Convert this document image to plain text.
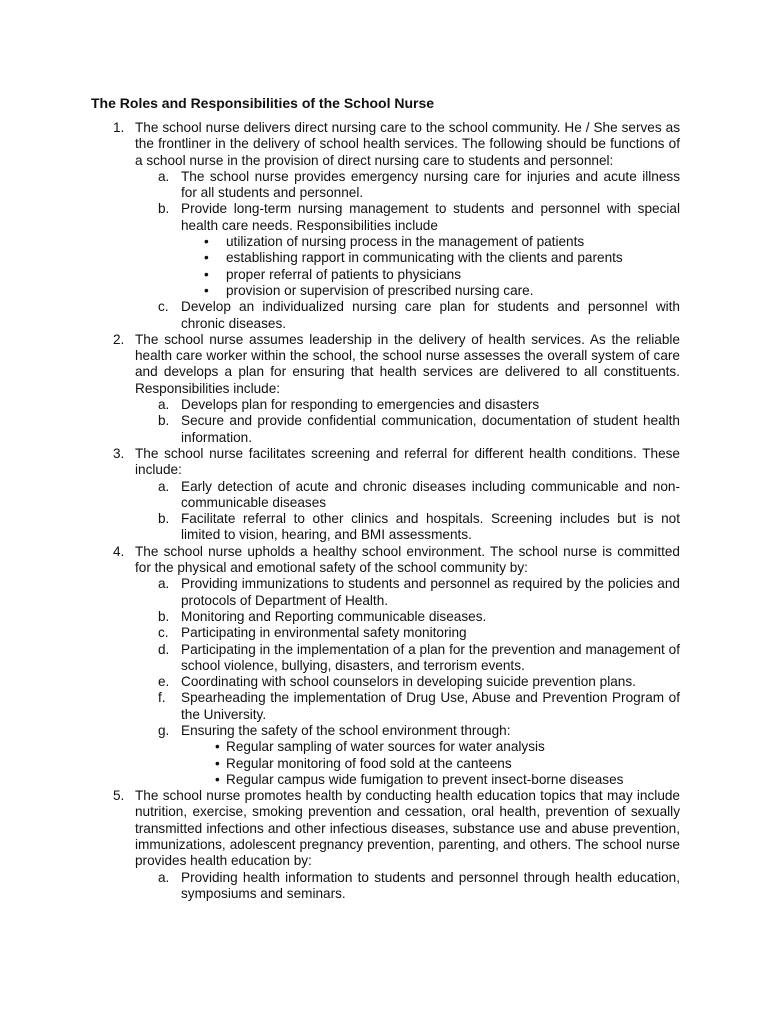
The Roles and Responsibilities of the School Nurse
1. The school nurse delivers direct nursing care to the school community. He / She serves as the frontliner in the delivery of school health services. The following should be functions of a school nurse in the provision of direct nursing care to students and personnel:
a. The school nurse provides emergency nursing care for injuries and acute illness for all students and personnel.
b. Provide long-term nursing management to students and personnel with special health care needs. Responsibilities include
• utilization of nursing process in the management of patients
• establishing rapport in communicating with the clients and parents
• proper referral of patients to physicians
• provision or supervision of prescribed nursing care.
c. Develop an individualized nursing care plan for students and personnel with chronic diseases.
2. The school nurse assumes leadership in the delivery of health services. As the reliable health care worker within the school, the school nurse assesses the overall system of care and develops a plan for ensuring that health services are delivered to all constituents. Responsibilities include:
a. Develops plan for responding to emergencies and disasters
b. Secure and provide confidential communication, documentation of student health information.
3. The school nurse facilitates screening and referral for different health conditions. These include:
a. Early detection of acute and chronic diseases including communicable and non-communicable diseases
b. Facilitate referral to other clinics and hospitals. Screening includes but is not limited to vision, hearing, and BMI assessments.
4. The school nurse upholds a healthy school environment. The school nurse is committed for the physical and emotional safety of the school community by:
a. Providing immunizations to students and personnel as required by the policies and protocols of Department of Health.
b. Monitoring and Reporting communicable diseases.
c. Participating in environmental safety monitoring
d. Participating in the implementation of a plan for the prevention and management of school violence, bullying, disasters, and terrorism events.
e. Coordinating with school counselors in developing suicide prevention plans.
f. Spearheading the implementation of Drug Use, Abuse and Prevention Program of the University.
g. Ensuring the safety of the school environment through:
• Regular sampling of water sources for water analysis
• Regular monitoring of food sold at the canteens
• Regular campus wide fumigation to prevent insect-borne diseases
5. The school nurse promotes health by conducting health education topics that may include nutrition, exercise, smoking prevention and cessation, oral health, prevention of sexually transmitted infections and other infectious diseases, substance use and abuse prevention, immunizations, adolescent pregnancy prevention, parenting, and others. The school nurse provides health education by:
a. Providing health information to students and personnel through health education, symposiums and seminars.
